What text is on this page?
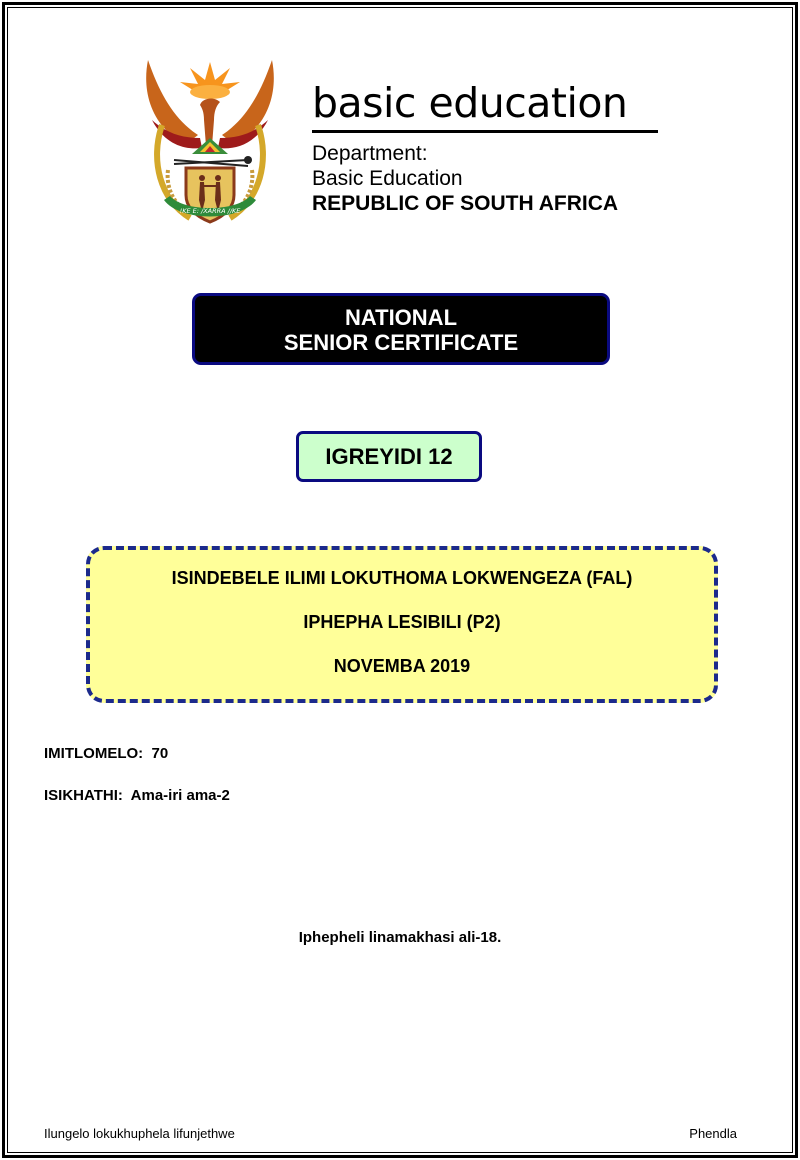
!KE E: /XARRA //KE
basic education
Department:
Basic Education
REPUBLIC OF SOUTH AFRICA
NATIONAL
SENIOR CERTIFICATE
IGREYIDI 12
ISINDEBELE ILIMI LOKUTHOMA LOKWENGEZA (FAL)
IPHEPHA LESIBILI (P2)
NOVEMBA 2019
IMITLOMELO:  70
ISIKHATHI:  Ama-iri ama-2
Iphepheli linamakhasi ali-18.
Ilungelo lokukhuphela lifunjethwe	Phendla
